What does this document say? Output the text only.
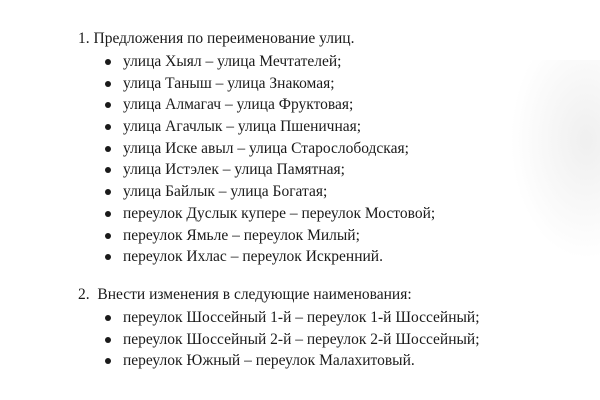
1. Предложения по переименование улиц.
улица Хыял – улица Мечтателей;
улица Таныш – улица Знакомая;
улица Алмагач – улица Фруктовая;
улица Агачлык – улица Пшеничная;
улица Иске авыл – улица Старослободская;
улица Истэлек – улица Памятная;
улица Байлык – улица Богатая;
переулок Дуслык купере – переулок Мостовой;
переулок Ямьле – переулок Милый;
переулок Ихлас – переулок Искренний.
2. Внести изменения в следующие наименования:
переулок Шоссейный 1-й – переулок 1-й Шоссейный;
переулок Шоссейный 2-й – переулок 2-й Шоссейный;
переулок Южный – переулок Малахитовый.
